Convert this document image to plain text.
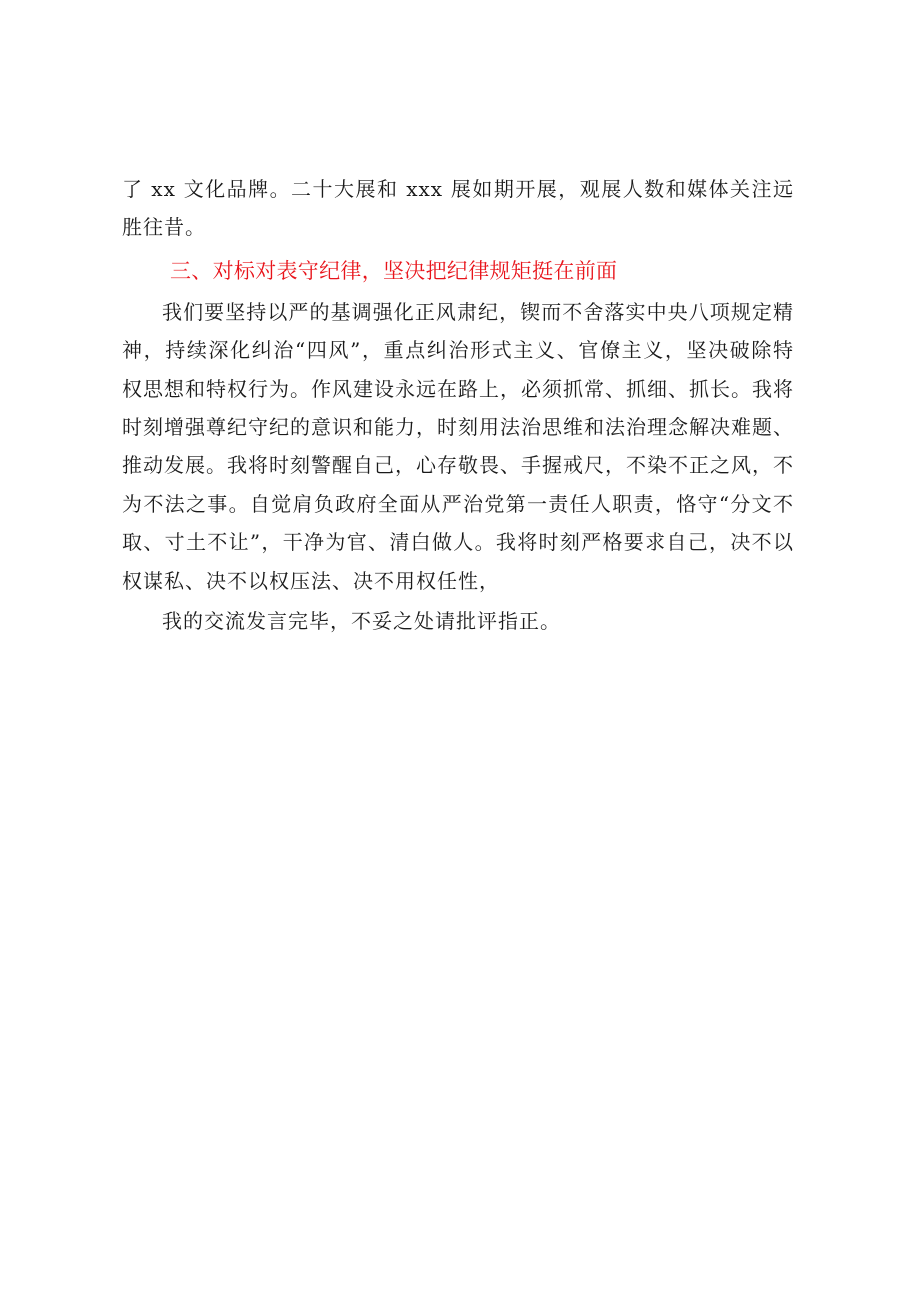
了 xx 文化品牌。二十大展和 xxx 展如期开展，观展人数和媒体关注远胜往昔。

三、对标对表守纪律，坚决把纪律规矩挺在前面

我们要坚持以严的基调强化正风肃纪，锲而不舍落实中央八项规定精神，持续深化纠治“四风”，重点纠治形式主义、官僚主义，坚决破除特权思想和特权行为。作风建设永远在路上，必须抓常、抓细、抓长。我将时刻增强尊纪守纪的意识和能力，时刻用法治思维和法治理念解决难题、推动发展。我将时刻警醒自己，心存敬畏、手握戒尺，不染不正之风，不为不法之事。自觉肩负政府全面从严治党第一责任人职责，恪守“分文不取、寸土不让”，干净为官、清白做人。我将时刻严格要求自己，决不以权谋私、决不以权压法、决不用权任性，

我的交流发言完毕，不妥之处请批评指正。
